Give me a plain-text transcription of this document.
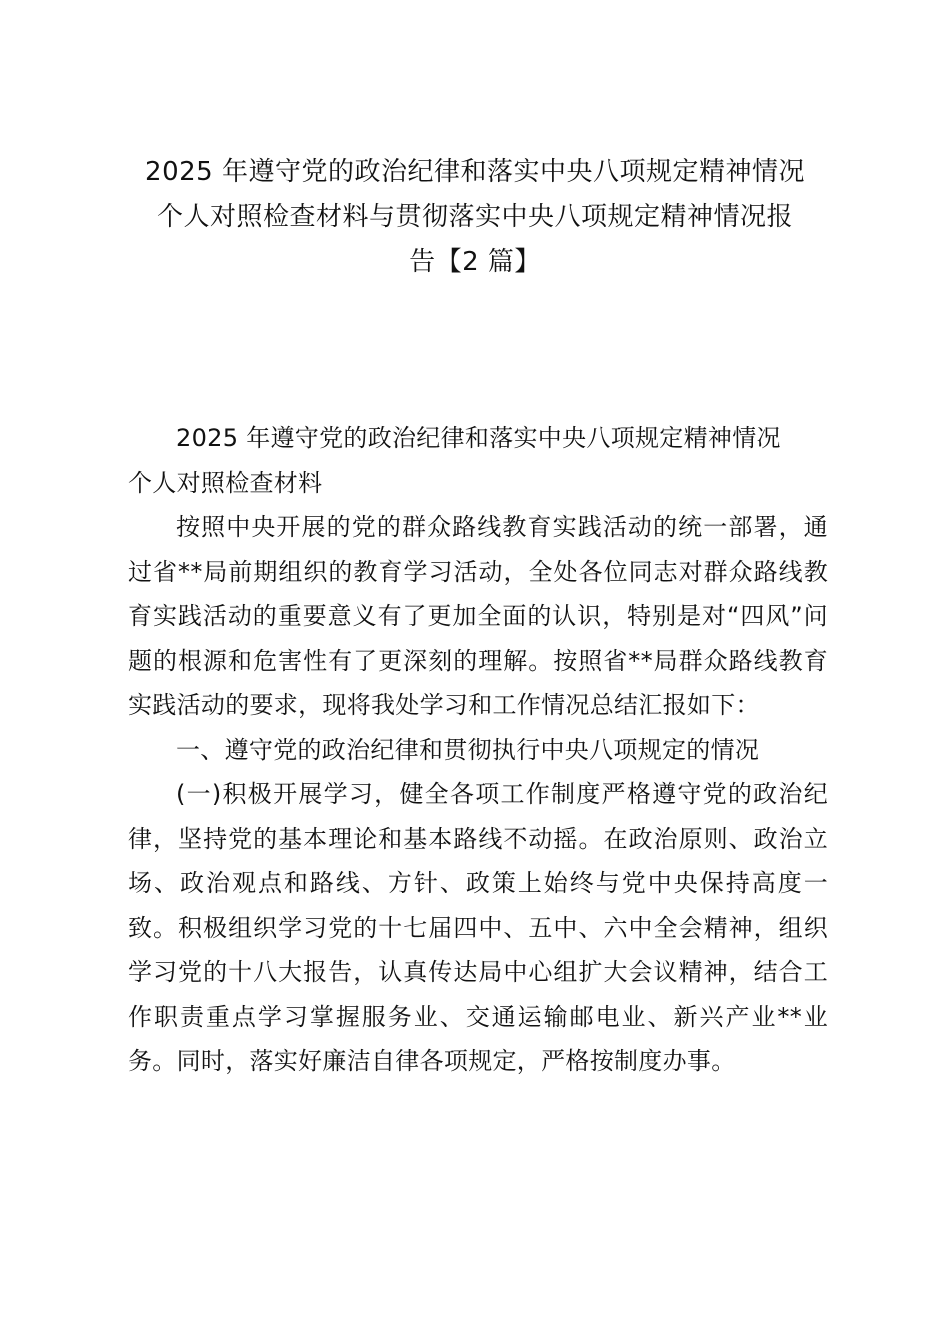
2025 年遵守党的政治纪律和落实中央八项规定精神情况
个人对照检查材料与贯彻落实中央八项规定精神情况报
告【2 篇】

2025 年遵守党的政治纪律和落实中央八项规定精神情况
个人对照检查材料

按照中央开展的党的群众路线教育实践活动的统一部署，通过省**局前期组织的教育学习活动，全处各位同志对群众路线教育实践活动的重要意义有了更加全面的认识，特别是对“四风”问题的根源和危害性有了更深刻的理解。按照省**局群众路线教育实践活动的要求，现将我处学习和工作情况总结汇报如下：

一、遵守党的政治纪律和贯彻执行中央八项规定的情况

(一)积极开展学习，健全各项工作制度严格遵守党的政治纪律，坚持党的基本理论和基本路线不动摇。在政治原则、政治立场、政治观点和路线、方针、政策上始终与党中央保持高度一致。积极组织学习党的十七届四中、五中、六中全会精神，组织学习党的十八大报告，认真传达局中心组扩大会议精神，结合工作职责重点学习掌握服务业、交通运输邮电业、新兴产业**业务。同时，落实好廉洁自律各项规定，严格按制度办事。
